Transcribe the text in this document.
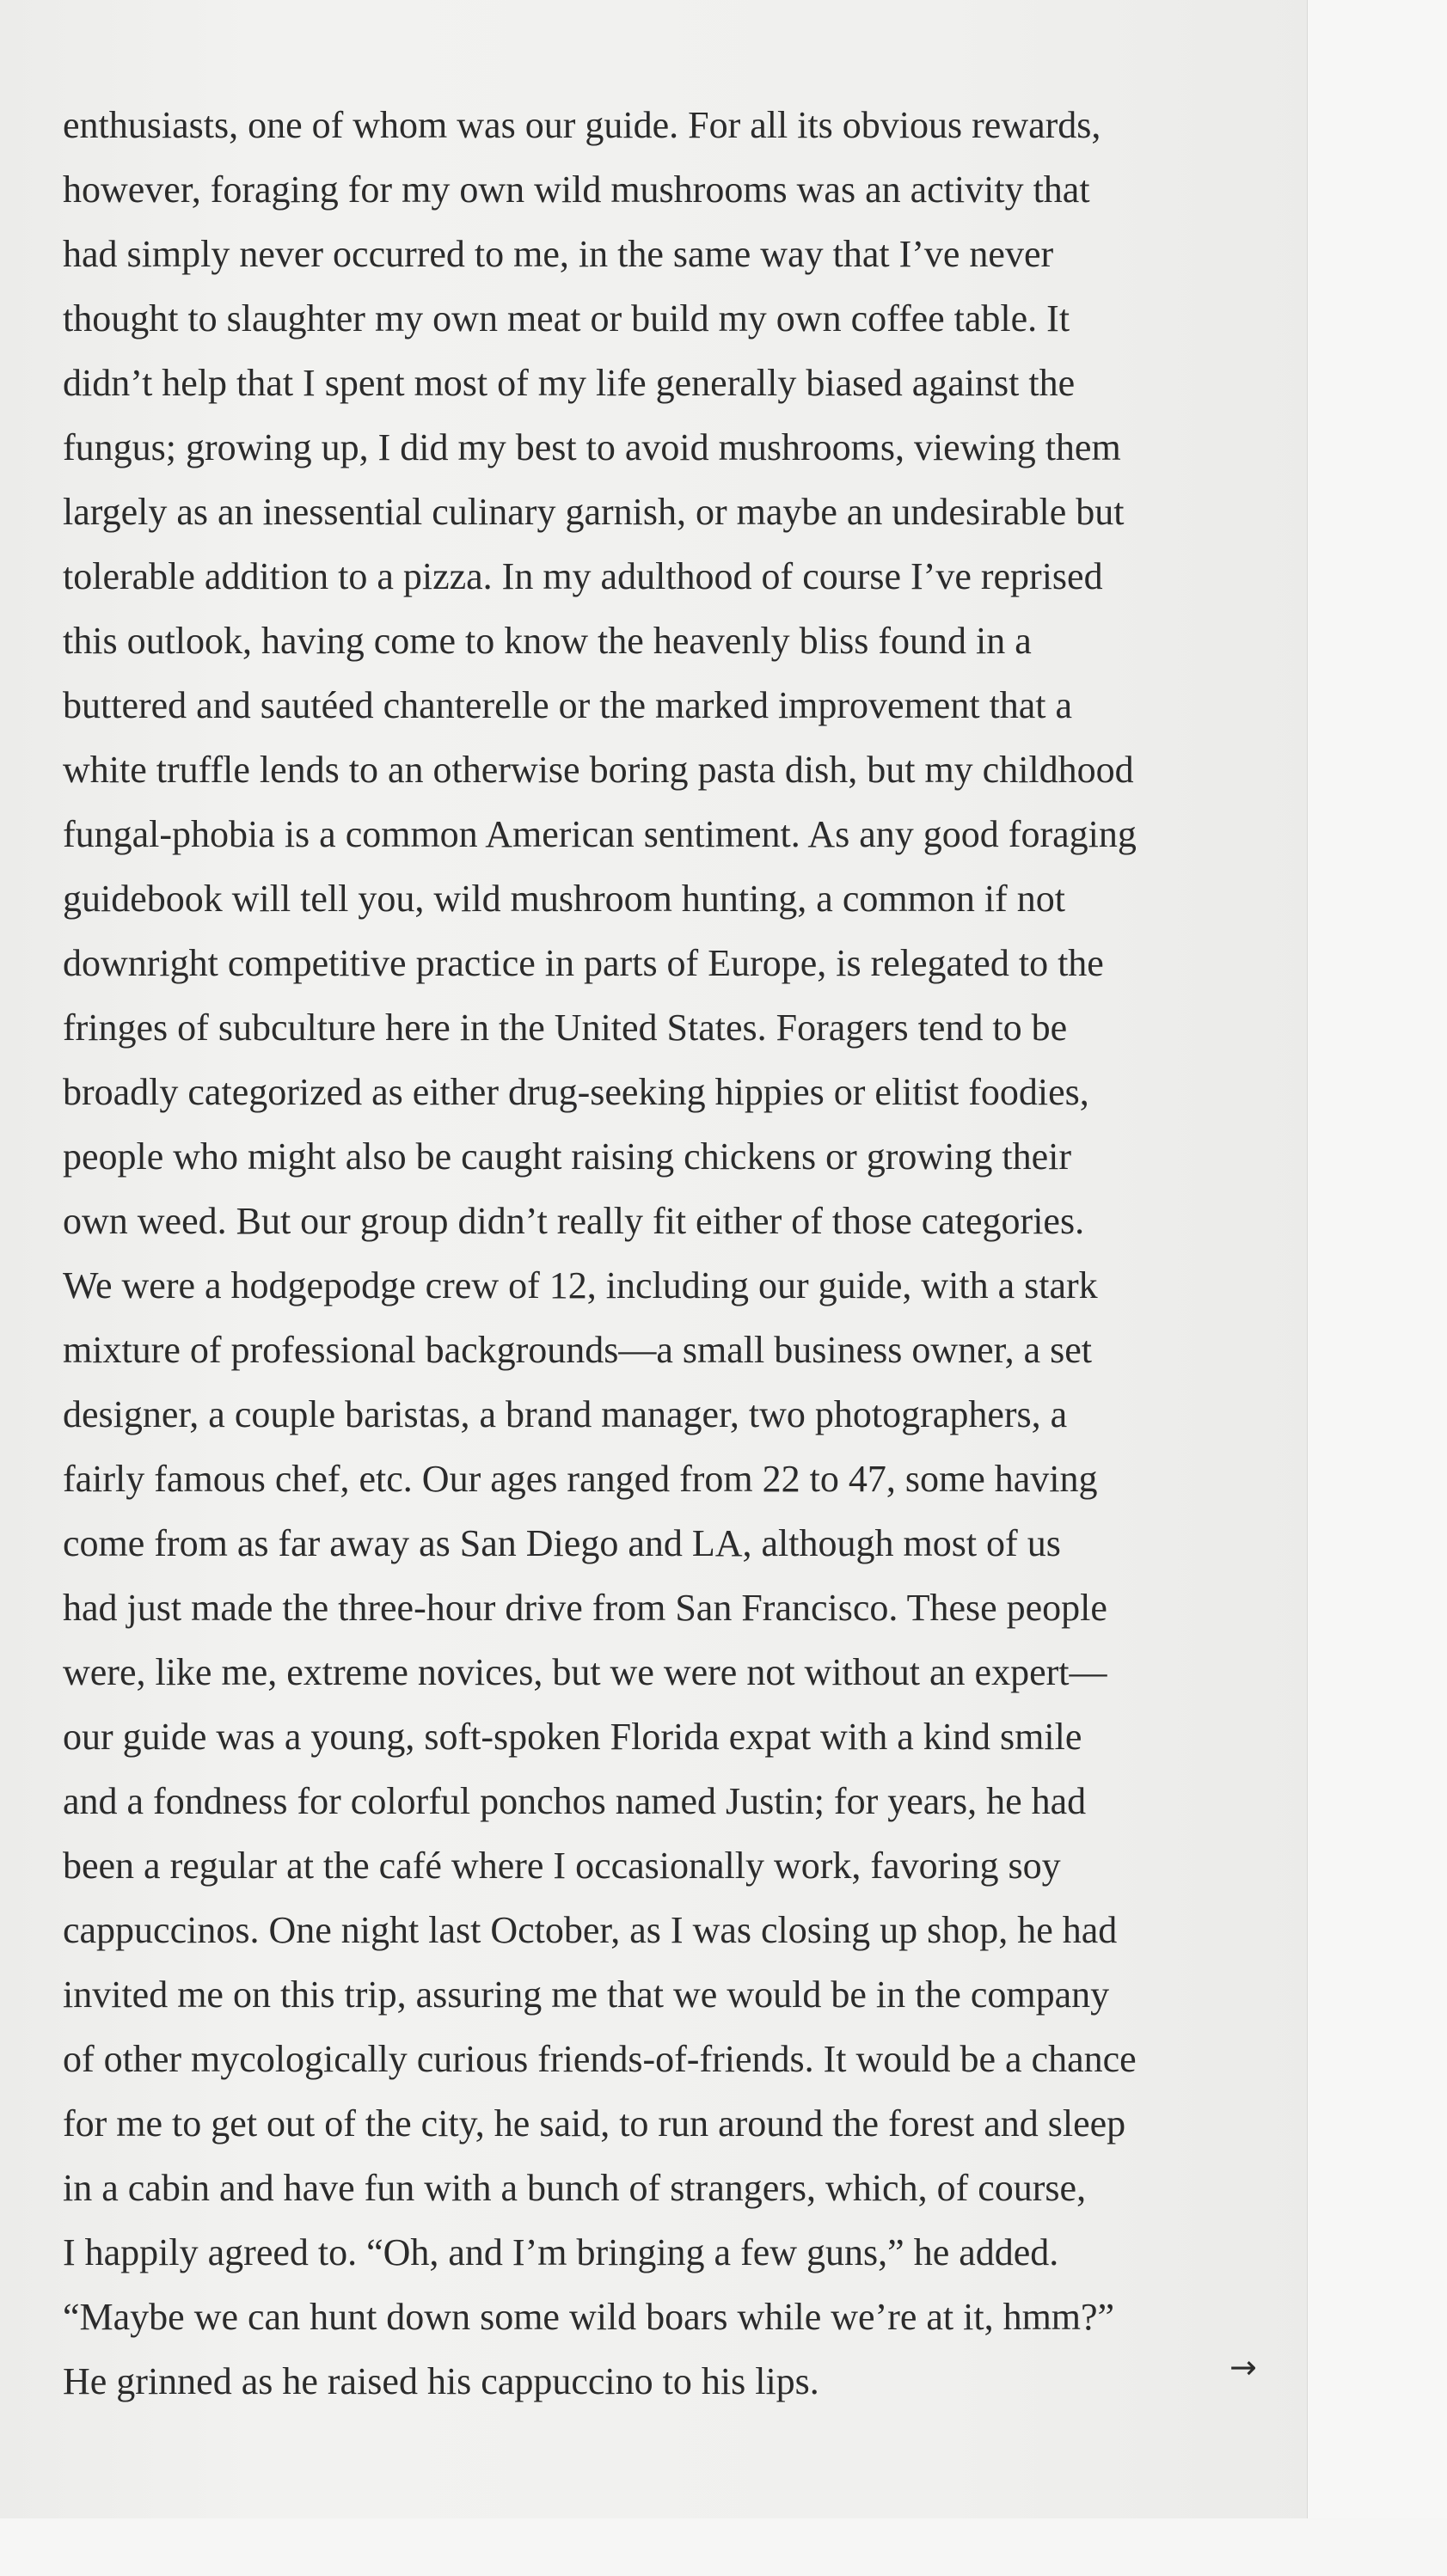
enthusiasts, one of whom was our guide. For all its obvious rewards,
however, foraging for my own wild mushrooms was an activity that
had simply never occurred to me, in the same way that I’ve never
thought to slaughter my own meat or build my own coffee table. It
didn’t help that I spent most of my life generally biased against the
fungus; growing up, I did my best to avoid mushrooms, viewing them
largely as an inessential culinary garnish, or maybe an undesirable but
tolerable addition to a pizza. In my adulthood of course I’ve reprised
this outlook, having come to know the heavenly bliss found in a
buttered and sautéed chanterelle or the marked improvement that a
white truffle lends to an otherwise boring pasta dish, but my childhood
fungal-phobia is a common American sentiment. As any good foraging
guidebook will tell you, wild mushroom hunting, a common if not
downright competitive practice in parts of Europe, is relegated to the
fringes of subculture here in the United States. Foragers tend to be
broadly categorized as either drug-seeking hippies or elitist foodies,
people who might also be caught raising chickens or growing their
own weed. But our group didn’t really fit either of those categories.
We were a hodgepodge crew of 12, including our guide, with a stark
mixture of professional backgrounds—a small business owner, a set
designer, a couple baristas, a brand manager, two photographers, a
fairly famous chef, etc. Our ages ranged from 22 to 47, some having
come from as far away as San Diego and LA, although most of us
had just made the three-hour drive from San Francisco. These people
were, like me, extreme novices, but we were not without an expert—
our guide was a young, soft-spoken Florida expat with a kind smile
and a fondness for colorful ponchos named Justin; for years, he had
been a regular at the café where I occasionally work, favoring soy
cappuccinos. One night last October, as I was closing up shop, he had
invited me on this trip, assuring me that we would be in the company
of other mycologically curious friends-of-friends. It would be a chance
for me to get out of the city, he said, to run around the forest and sleep
in a cabin and have fun with a bunch of strangers, which, of course,
I happily agreed to. “Oh, and I’m bringing a few guns,” he added.
“Maybe we can hunt down some wild boars while we’re at it, hmm?”
He grinned as he raised his cappuccino to his lips.	→
